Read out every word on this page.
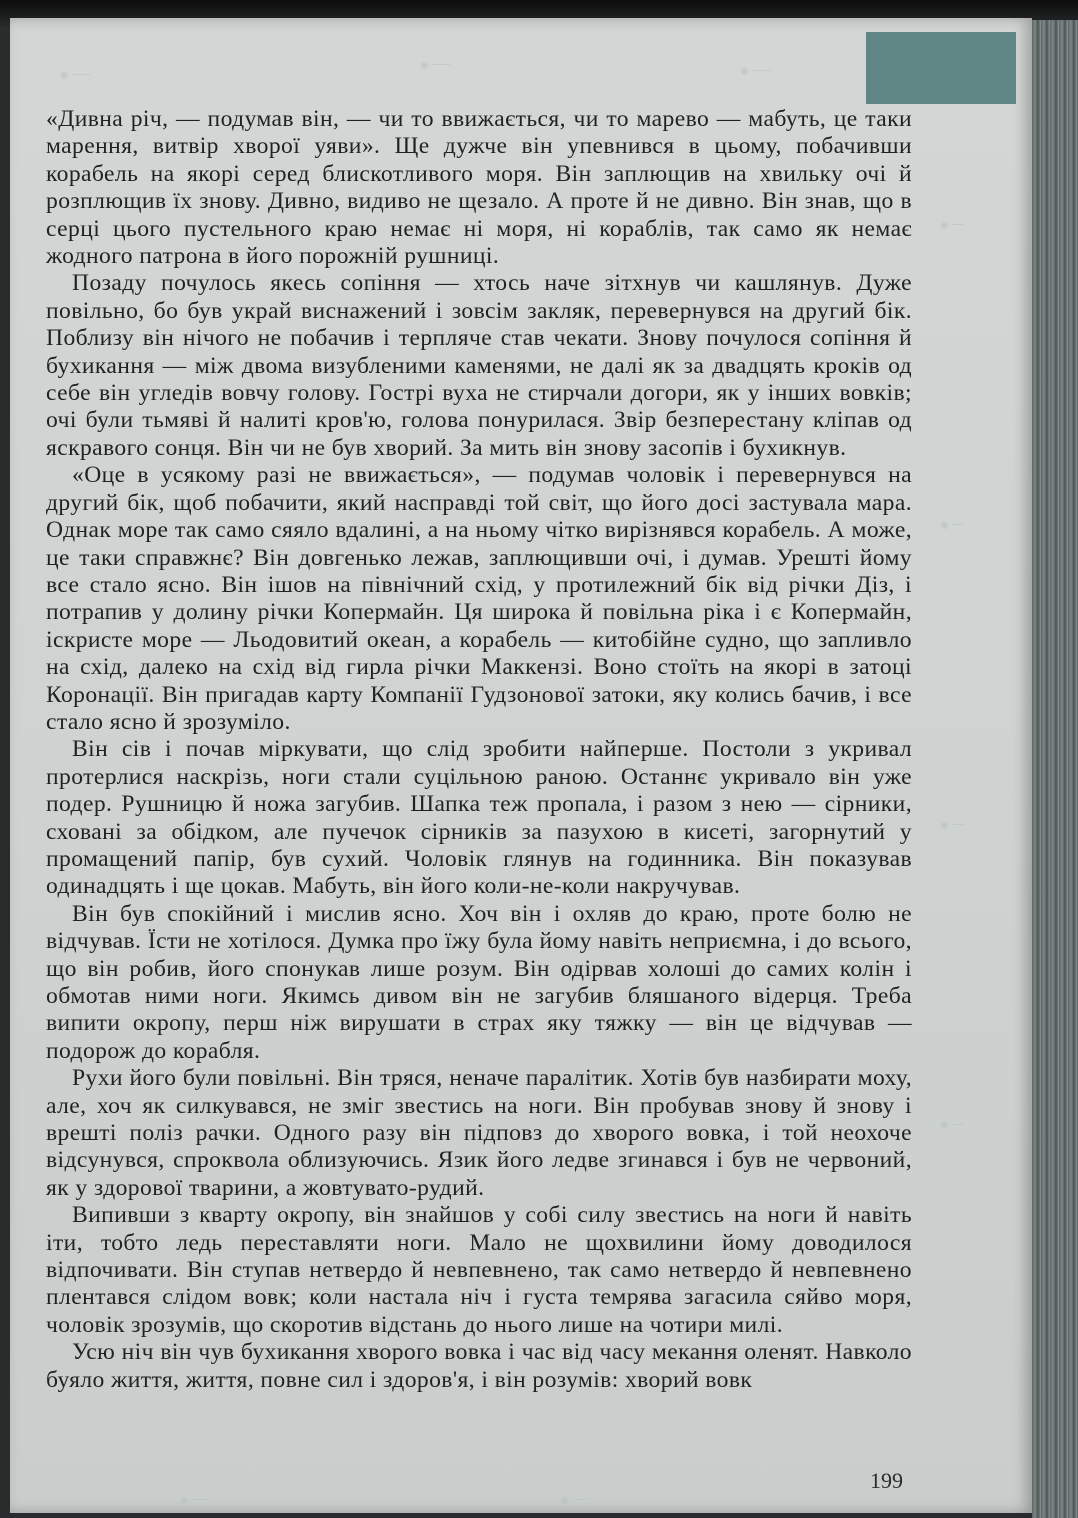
◉ ───
◉ ───
◉ ───
◉ ──
◉ ──
◉ ──
◉ ──
◉ ───	◉ ───

«Дивна річ, — подумав він, — чи то ввижається, чи то марево — мабуть, це таки марення, витвір хворої уяви». Ще дужче він упевнився в цьому, побачивши корабель на якорі серед блискотливого моря. Він заплющив на хвильку очі й розплющив їх знову. Дивно, видиво не щезало. А проте й не дивно. Він знав, що в серці цього пустельного краю немає ні моря, ні кораблів, так само як немає жодного патрона в його порожній рушниці.

Позаду почулось якесь сопіння — хтось наче зітхнув чи кашлянув. Дуже повільно, бо був украй виснажений і зовсім закляк, перевернувся на другий бік. Поблизу він нічого не побачив і терпляче став чекати. Знову почулося сопіння й бухикання — між двома визубленими каменями, не далі як за двадцять кроків од себе він угледів вовчу голову. Гострі вуха не стирчали догори, як у інших вовків; очі були тьмяві й налиті кров'ю, голова понурилася. Звір безперестану кліпав од яскравого сонця. Він чи не був хворий. За мить він знову засопів і бухикнув.

«Оце в усякому разі не ввижається», — подумав чоловік і перевернувся на другий бік, щоб побачити, який насправді той світ, що його досі застувала мара. Однак море так само сяяло вдалині, а на ньому чітко вирізнявся корабель. А може, це таки справжнє? Він довгенько лежав, заплющивши очі, і думав. Урешті йому все стало ясно. Він ішов на північний схід, у протилежний бік від річки Діз, і потрапив у долину річки Копермайн. Ця широка й повільна ріка і є Копермайн, іскристе море — Льодовитий океан, а корабель — китобійне судно, що запливло на схід, далеко на схід від гирла річки Маккензі. Воно стоїть на якорі в затоці Коронації. Він пригадав карту Компанії Гудзонової затоки, яку колись бачив, і все стало ясно й зрозуміло.

Він сів і почав міркувати, що слід зробити найперше. Постоли з укривал протерлися наскрізь, ноги стали суцільною раною. Останнє укривало він уже подер. Рушницю й ножа загубив. Шапка теж пропала, і разом з нею — сірники, сховані за обідком, але пучечок сірників за пазухою в кисеті, загорнутий у промащений папір, був сухий. Чоловік глянув на годинника. Він показував одинадцять і ще цокав. Мабуть, він його коли-не-коли накручував.

Він був спокійний і мислив ясно. Хоч він і охляв до краю, проте болю не відчував. Їсти не хотілося. Думка про їжу була йому навіть неприємна, і до всього, що він робив, його спонукав лише розум. Він одірвав холоші до самих колін і обмотав ними ноги. Якимсь дивом він не загубив бляшаного відерця. Треба випити окропу, перш ніж вирушати в страх яку тяжку — він це відчував — подорож до корабля.

Рухи його були повільні. Він тряся, неначе паралітик. Хотів був назбирати моху, але, хоч як силкувався, не зміг звестись на ноги. Він пробував знову й знову і врешті поліз рачки. Одного разу він підповз до хворого вовка, і той неохоче відсунувся, спроквола облизуючись. Язик його ледве згинався і був не червоний, як у здорової тварини, а жовтувато-рудий.

Випивши з кварту окропу, він знайшов у собі силу звестись на ноги й навіть іти, тобто ледь переставляти ноги. Мало не щохвилини йому доводилося відпочивати. Він ступав нетвердо й невпевнено, так само нетвердо й невпевнено плентався слідом вовк; коли настала ніч і густа темрява загасила сяйво моря, чоловік зрозумів, що скоротив відстань до нього лише на чотири милі.

Усю ніч він чув бухикання хворого вовка і час від часу мекання оленят. Навколо буяло життя, життя, повне сил і здоров'я, і він розумів: хворий вовк

199
